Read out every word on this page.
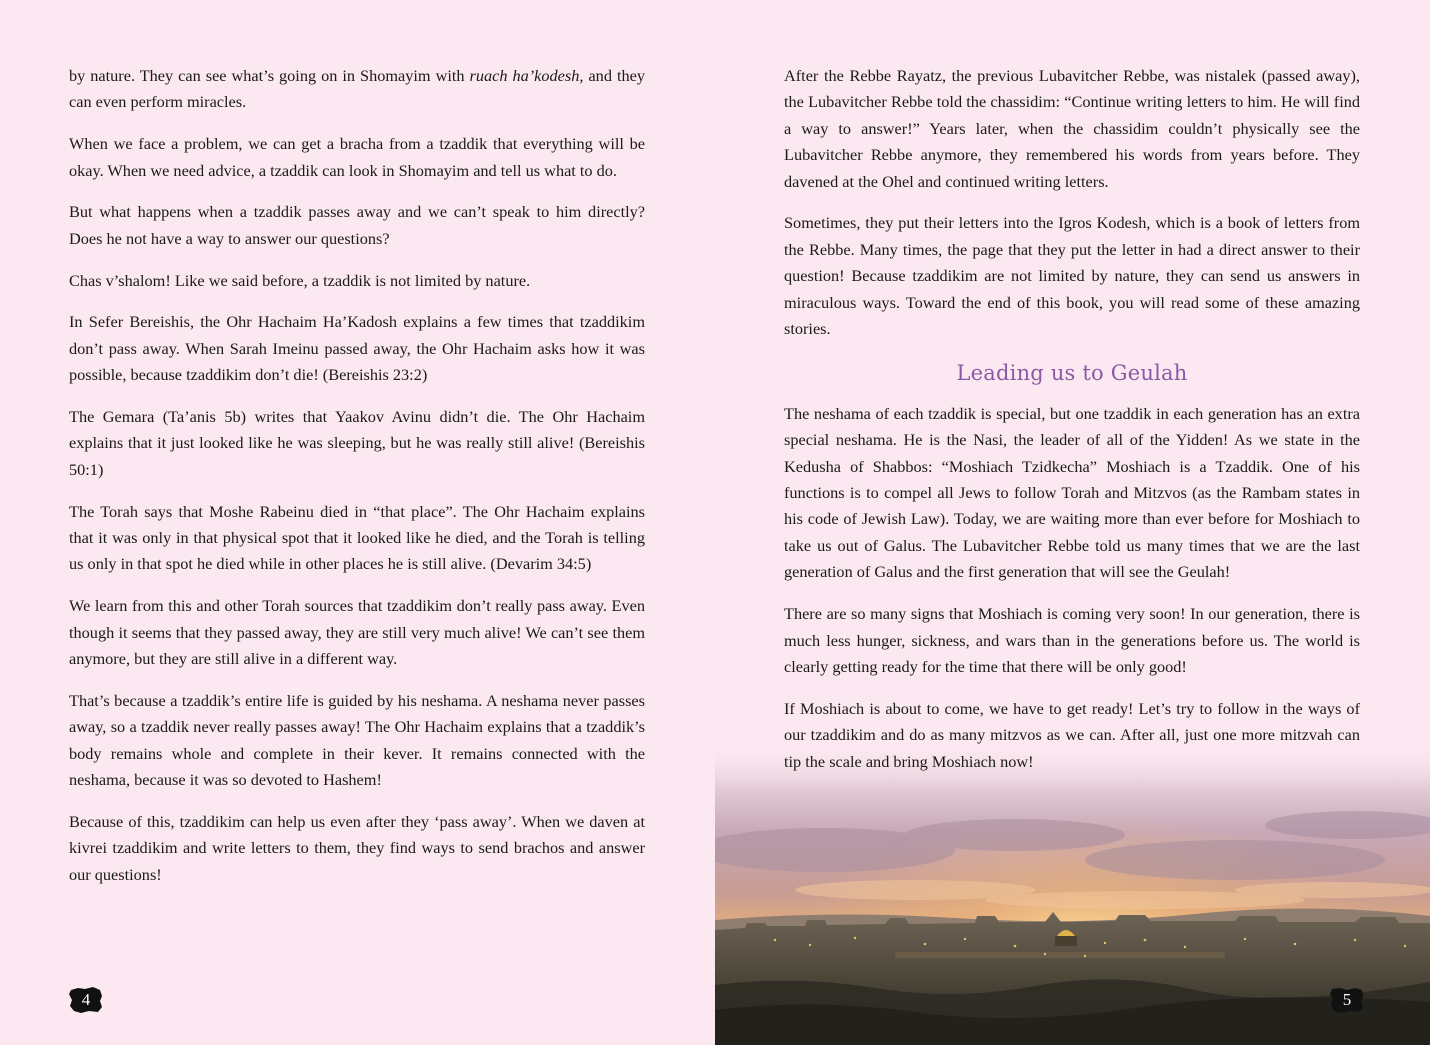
by nature. They can see what’s going on in Shomayim with ruach ha’kodesh, and they can even perform miracles.

When we face a problem, we can get a bracha from a tzaddik that everything will be okay. When we need advice, a tzaddik can look in Shomayim and tell us what to do.

But what happens when a tzaddik passes away and we can’t speak to him directly? Does he not have a way to answer our questions?

Chas v’shalom! Like we said before, a tzaddik is not limited by nature.

In Sefer Bereishis, the Ohr Hachaim Ha’Kadosh explains a few times that tzaddikim don’t pass away. When Sarah Imeinu passed away, the Ohr Hachaim asks how it was possible, because tzaddikim don’t die! (Bereishis 23:2)

The Gemara (Ta’anis 5b) writes that Yaakov Avinu didn’t die. The Ohr Hachaim explains that it just looked like he was sleeping, but he was really still alive! (Bereishis 50:1)

The Torah says that Moshe Rabeinu died in “that place”. The Ohr Hachaim explains that it was only in that physical spot that it looked like he died, and the Torah is telling us only in that spot he died while in other places he is still alive. (Devarim 34:5)

We learn from this and other Torah sources that tzaddikim don’t really pass away. Even though it seems that they passed away, they are still very much alive! We can’t see them anymore, but they are still alive in a different way.

That’s because a tzaddik’s entire life is guided by his neshama. A neshama never passes away, so a tzaddik never really passes away! The Ohr Hachaim explains that a tzaddik’s body remains whole and complete in their kever. It remains connected with the neshama, because it was so devoted to Hashem!

Because of this, tzaddikim can help us even after they ‘pass away’. When we daven at kivrei tzaddikim and write letters to them, they find ways to send brachos and answer our questions!

4

After the Rebbe Rayatz, the previous Lubavitcher Rebbe, was nistalek (passed away), the Lubavitcher Rebbe told the chassidim: “Continue writing letters to him. He will find a way to answer!” Years later, when the chassidim couldn’t physically see the Lubavitcher Rebbe anymore, they remembered his words from years before. They davened at the Ohel and continued writing letters.

Sometimes, they put their letters into the Igros Kodesh, which is a book of letters from the Rebbe. Many times, the page that they put the letter in had a direct answer to their question! Because tzaddikim are not limited by nature, they can send us answers in miraculous ways. Toward the end of this book, you will read some of these amazing stories.

Leading us to Geulah

The neshama of each tzaddik is special, but one tzaddik in each generation has an extra special neshama. He is the Nasi, the leader of all of the Yidden! As we state in the Kedusha of Shabbos: “Moshiach Tzidkecha” Moshiach is a Tzaddik. One of his functions is to compel all Jews to follow Torah and Mitzvos (as the Rambam states in his code of Jewish Law). Today, we are waiting more than ever before for Moshiach to take us out of Galus. The Lubavitcher Rebbe told us many times that we are the last generation of Galus and the first generation that will see the Geulah!

There are so many signs that Moshiach is coming very soon! In our generation, there is much less hunger, sickness, and wars than in the generations before us. The world is clearly getting ready for the time that there will be only good!

If Moshiach is about to come, we have to get ready! Let’s try to follow in the ways of our tzaddikim and do as many mitzvos as we can. After all, just one more mitzvah can tip the scale and bring Moshiach now!

5
